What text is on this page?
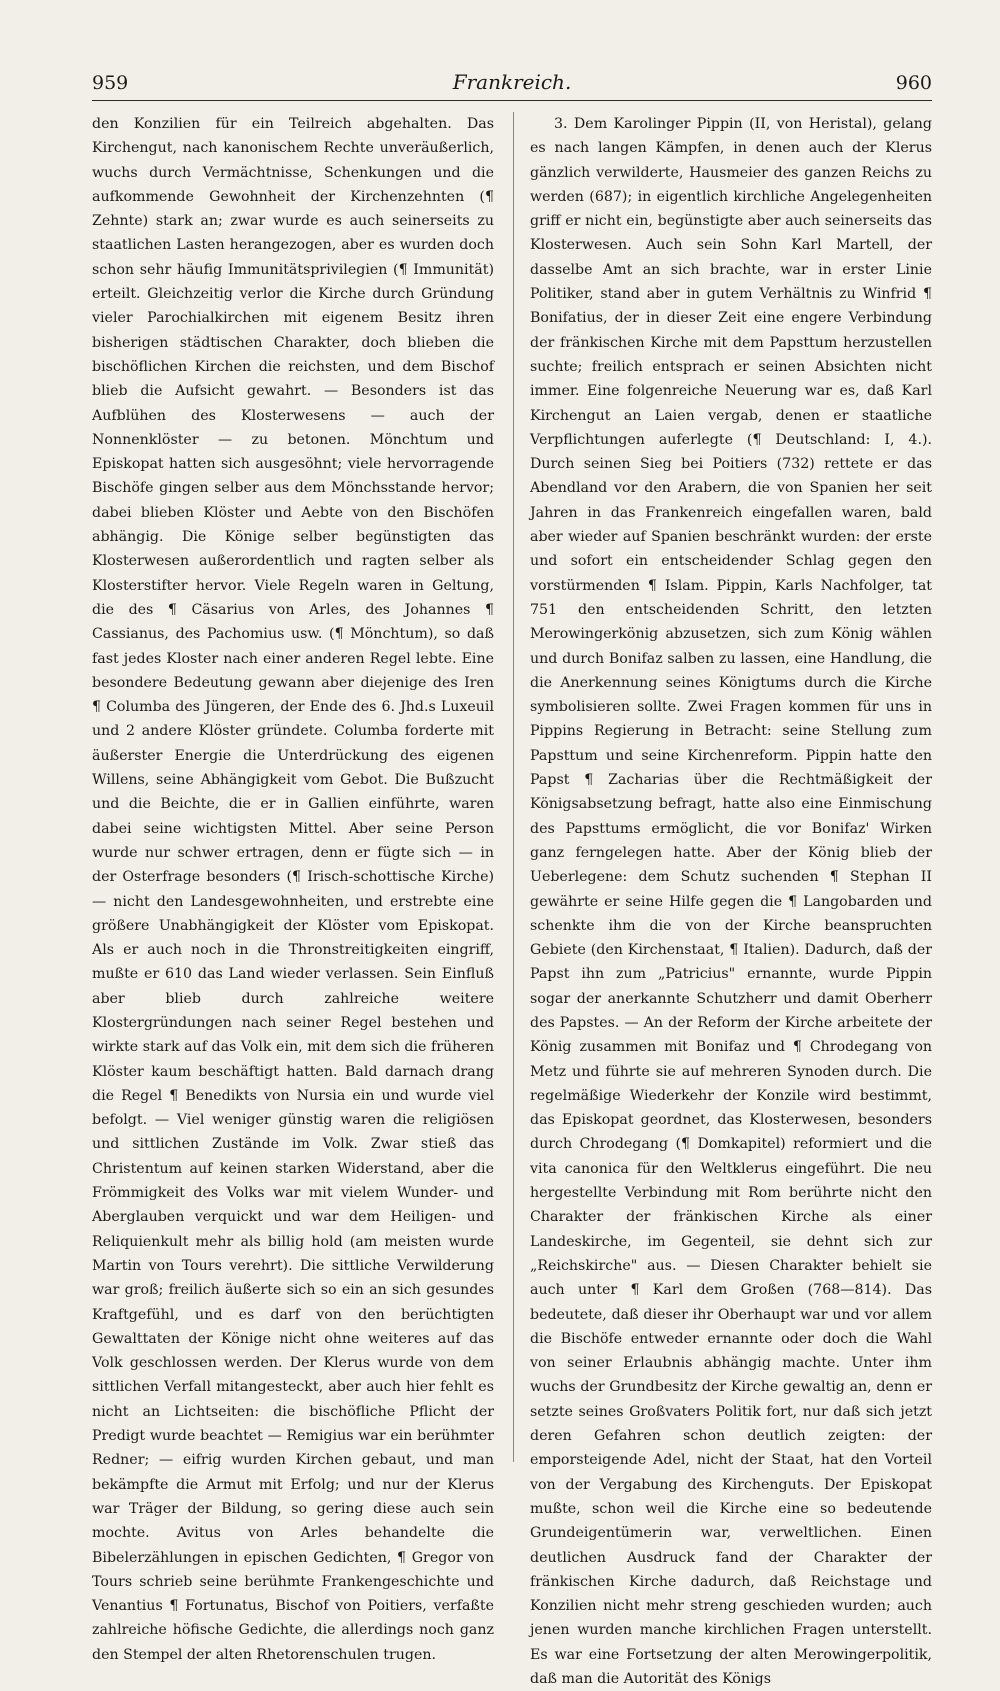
959	Frankreich.	960

den Konzilien für ein Teilreich abgehalten. Das Kirchengut, nach kanonischem Rechte unveräußerlich, wuchs durch Vermächtnisse, Schenkungen und die aufkommende Gewohnheit der Kirchenzehnten (¶ Zehnte) stark an; zwar wurde es auch seinerseits zu staatlichen Lasten herangezogen, aber es wurden doch schon sehr häufig Immunitätsprivilegien (¶ Immunität) erteilt. Gleichzeitig verlor die Kirche durch Gründung vieler Parochialkirchen mit eigenem Besitz ihren bisherigen städtischen Charakter, doch blieben die bischöflichen Kirchen die reichsten, und dem Bischof blieb die Aufsicht gewahrt. — Besonders ist das Aufblühen des Klosterwesens — auch der Nonnenklöster — zu betonen. Mönchtum und Episkopat hatten sich ausgesöhnt; viele hervorragende Bischöfe gingen selber aus dem Mönchsstande hervor; dabei blieben Klöster und Aebte von den Bischöfen abhängig. Die Könige selber begünstigten das Klosterwesen außerordentlich und ragten selber als Klosterstifter hervor. Viele Regeln waren in Geltung, die des ¶ Cäsarius von Arles, des Johannes ¶ Cassianus, des Pachomius usw. (¶ Mönchtum), so daß fast jedes Kloster nach einer anderen Regel lebte. Eine besondere Bedeutung gewann aber diejenige des Iren ¶ Columba des Jüngeren, der Ende des 6. Jhd.s Luxeuil und 2 andere Klöster gründete. Columba forderte mit äußerster Energie die Unterdrückung des eigenen Willens, seine Abhängigkeit vom Gebot. Die Bußzucht und die Beichte, die er in Gallien einführte, waren dabei seine wichtigsten Mittel. Aber seine Person wurde nur schwer ertragen, denn er fügte sich — in der Osterfrage besonders (¶ Irisch-schottische Kirche) — nicht den Landesgewohnheiten, und erstrebte eine größere Unabhängigkeit der Klöster vom Episkopat. Als er auch noch in die Thronstreitigkeiten eingriff, mußte er 610 das Land wieder verlassen. Sein Einfluß aber blieb durch zahlreiche weitere Klostergründungen nach seiner Regel bestehen und wirkte stark auf das Volk ein, mit dem sich die früheren Klöster kaum beschäftigt hatten. Bald darnach drang die Regel ¶ Benedikts von Nursia ein und wurde viel befolgt. — Viel weniger günstig waren die religiösen und sittlichen Zustände im Volk. Zwar stieß das Christentum auf keinen starken Widerstand, aber die Frömmigkeit des Volks war mit vielem Wunder- und Aberglauben verquickt und war dem Heiligen- und Reliquienkult mehr als billig hold (am meisten wurde Martin von Tours verehrt). Die sittliche Verwilderung war groß; freilich äußerte sich so ein an sich gesundes Kraftgefühl, und es darf von den berüchtigten Gewalttaten der Könige nicht ohne weiteres auf das Volk geschlossen werden. Der Klerus wurde von dem sittlichen Verfall mitangesteckt, aber auch hier fehlt es nicht an Lichtseiten: die bischöfliche Pflicht der Predigt wurde beachtet — Remigius war ein berühmter Redner; — eifrig wurden Kirchen gebaut, und man bekämpfte die Armut mit Erfolg; und nur der Klerus war Träger der Bildung, so gering diese auch sein mochte. Avitus von Arles behandelte die Bibelerzählungen in epischen Gedichten, ¶ Gregor von Tours schrieb seine berühmte Frankengeschichte und Venantius ¶ Fortunatus, Bischof von Poitiers, verfaßte zahlreiche höfische Gedichte, die allerdings noch ganz den Stempel der alten Rhetorenschulen trugen.

3. Dem Karolinger Pippin (II, von Heristal), gelang es nach langen Kämpfen, in denen auch der Klerus gänzlich verwilderte, Hausmeier des ganzen Reichs zu werden (687); in eigentlich kirchliche Angelegenheiten griff er nicht ein, begünstigte aber auch seinerseits das Klosterwesen. Auch sein Sohn Karl Martell, der dasselbe Amt an sich brachte, war in erster Linie Politiker, stand aber in gutem Verhältnis zu Winfrid ¶ Bonifatius, der in dieser Zeit eine engere Verbindung der fränkischen Kirche mit dem Papsttum herzustellen suchte; freilich entsprach er seinen Absichten nicht immer. Eine folgenreiche Neuerung war es, daß Karl Kirchengut an Laien vergab, denen er staatliche Verpflichtungen auferlegte (¶ Deutschland: I, 4.). Durch seinen Sieg bei Poitiers (732) rettete er das Abendland vor den Arabern, die von Spanien her seit Jahren in das Frankenreich eingefallen waren, bald aber wieder auf Spanien beschränkt wurden: der erste und sofort ein entscheidender Schlag gegen den vorstürmenden ¶ Islam. Pippin, Karls Nachfolger, tat 751 den entscheidenden Schritt, den letzten Merowingerkönig abzusetzen, sich zum König wählen und durch Bonifaz salben zu lassen, eine Handlung, die die Anerkennung seines Königtums durch die Kirche symbolisieren sollte. Zwei Fragen kommen für uns in Pippins Regierung in Betracht: seine Stellung zum Papsttum und seine Kirchenreform. Pippin hatte den Papst ¶ Zacharias über die Rechtmäßigkeit der Königsabsetzung befragt, hatte also eine Einmischung des Papsttums ermöglicht, die vor Bonifaz' Wirken ganz ferngelegen hatte. Aber der König blieb der Ueberlegene: dem Schutz suchenden ¶ Stephan II gewährte er seine Hilfe gegen die ¶ Langobarden und schenkte ihm die von der Kirche beanspruchten Gebiete (den Kirchenstaat, ¶ Italien). Dadurch, daß der Papst ihn zum „Patricius" ernannte, wurde Pippin sogar der anerkannte Schutzherr und damit Oberherr des Papstes. — An der Reform der Kirche arbeitete der König zusammen mit Bonifaz und ¶ Chrodegang von Metz und führte sie auf mehreren Synoden durch. Die regelmäßige Wiederkehr der Konzile wird bestimmt, das Episkopat geordnet, das Klosterwesen, besonders durch Chrodegang (¶ Domkapitel) reformiert und die vita canonica für den Weltklerus eingeführt. Die neu hergestellte Verbindung mit Rom berührte nicht den Charakter der fränkischen Kirche als einer Landeskirche, im Gegenteil, sie dehnt sich zur „Reichskirche" aus. — Diesen Charakter behielt sie auch unter ¶ Karl dem Großen (768—814). Das bedeutete, daß dieser ihr Oberhaupt war und vor allem die Bischöfe entweder ernannte oder doch die Wahl von seiner Erlaubnis abhängig machte. Unter ihm wuchs der Grundbesitz der Kirche gewaltig an, denn er setzte seines Großvaters Politik fort, nur daß sich jetzt deren Gefahren schon deutlich zeigten: der emporsteigende Adel, nicht der Staat, hat den Vorteil von der Vergabung des Kirchenguts. Der Episkopat mußte, schon weil die Kirche eine so bedeutende Grundeigentümerin war, verweltlichen. Einen deutlichen Ausdruck fand der Charakter der fränkischen Kirche dadurch, daß Reichstage und Konzilien nicht mehr streng geschieden wurden; auch jenen wurden manche kirchlichen Fragen unterstellt. Es war eine Fortsetzung der alten Merowingerpolitik, daß man die Autorität des Königs
